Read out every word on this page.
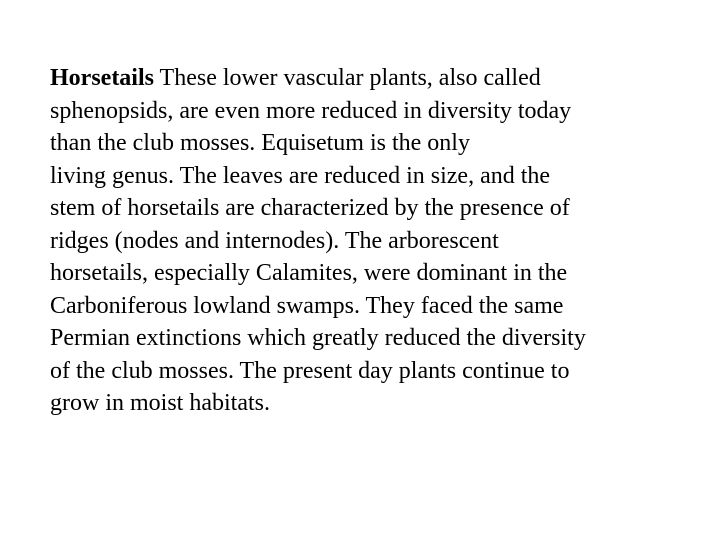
Horsetails These lower vascular plants, also called
sphenopsids, are even more reduced in diversity today
than the club mosses. Equisetum is the only
living genus. The leaves are reduced in size, and the
stem of horsetails are characterized by the presence of
ridges (nodes and internodes). The arborescent
horsetails, especially Calamites, were dominant in the
Carboniferous lowland swamps. They faced the same
Permian extinctions which greatly reduced the diversity
of the club mosses. The present day plants continue to
grow in moist habitats.
